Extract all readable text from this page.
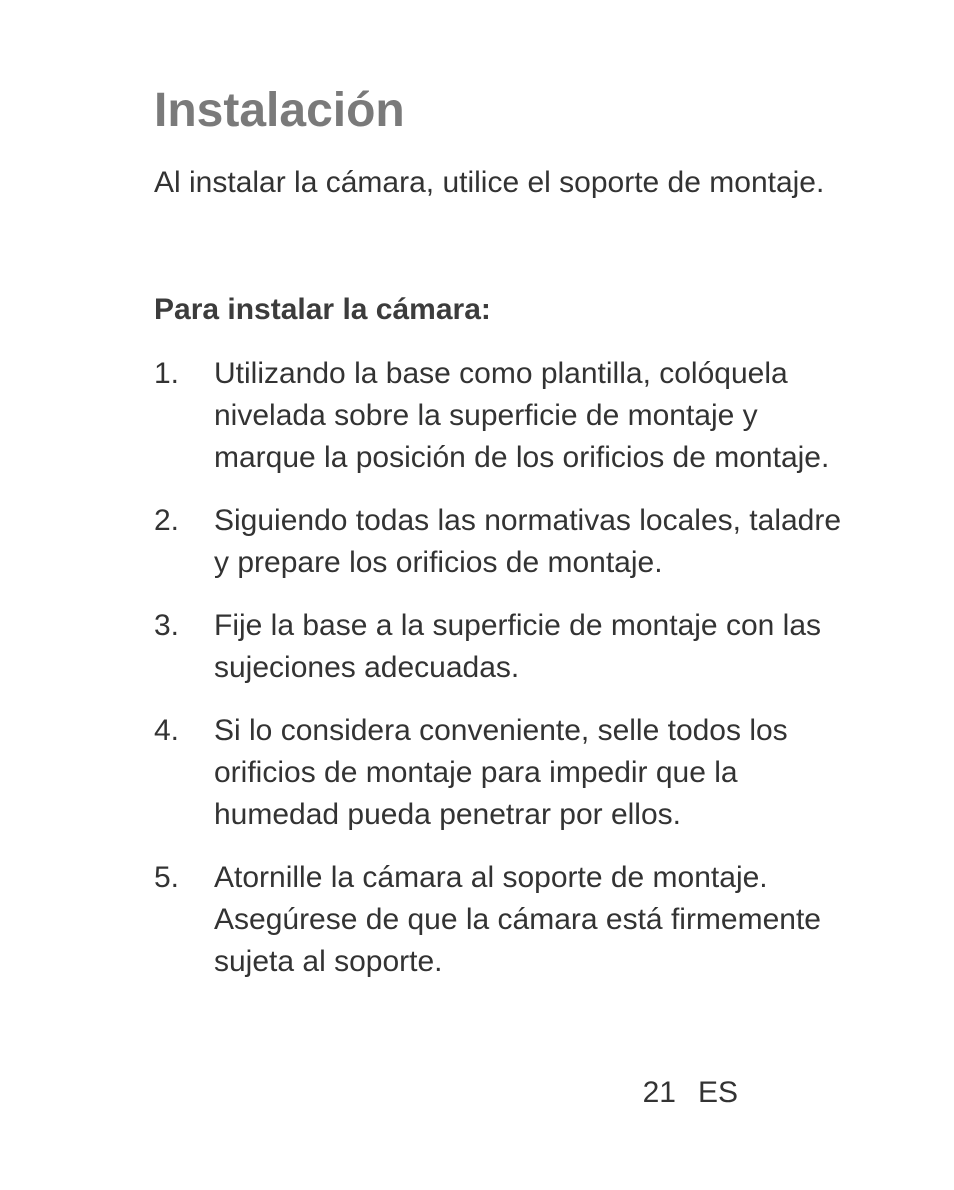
Instalación

Al instalar la cámara, utilice el soporte de montaje.

Para instalar la cámara:
1.	Utilizando la base como plantilla, colóquela nivelada sobre la superficie de montaje y marque la posición de los orificios de montaje.
2.	Siguiendo todas las normativas locales, taladre y prepare los orificios de montaje.
3.	Fije la base a la superficie de montaje con las sujeciones adecuadas.
4.	Si lo considera conveniente, selle todos los orificios de montaje para impedir que la humedad pueda penetrar por ellos.
5.	Atornille la cámara al soporte de montaje. Asegúrese de que la cámara está firmemente sujeta al soporte.
21 ES
